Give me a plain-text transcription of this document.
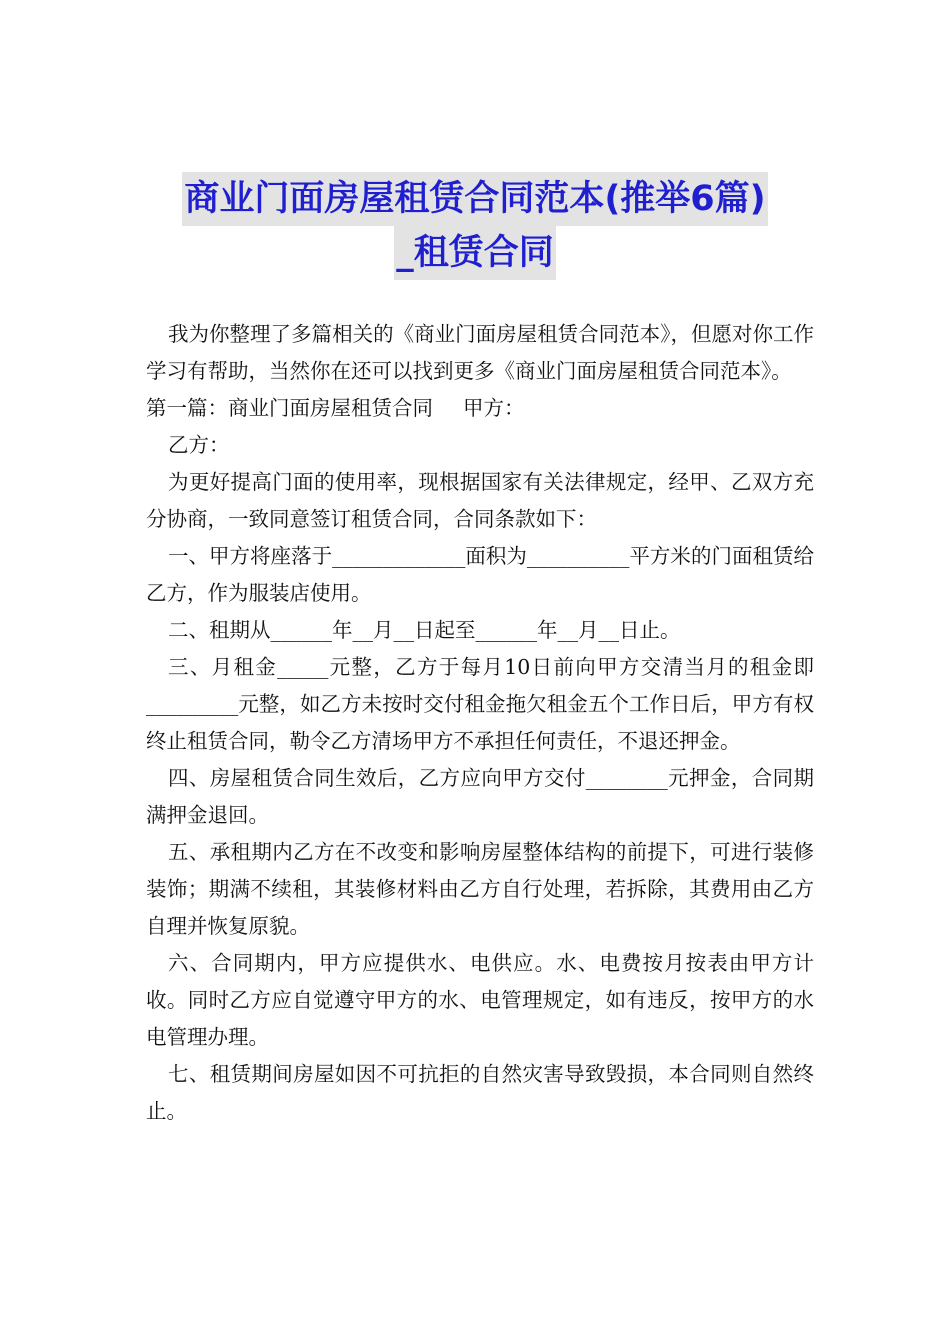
商业门面房屋租赁合同范本(推举6篇)
_租赁合同

我为你整理了多篇相关的《商业门面房屋租赁合同范本》，但愿对你工作学习有帮助，当然你在还可以找到更多《商业门面房屋租赁合同范本》。

第一篇：商业门面房屋租赁合同 甲方：

乙方：

为更好提高门面的使用率，现根据国家有关法律规定，经甲、乙双方充分协商，一致同意签订租赁合同，合同条款如下：

一、甲方将座落于_____________面积为__________平方米的门面租赁给乙方，作为服装店使用。

二、租期从______年__月__日起至______年__月__日止。

三、月租金_____元整，乙方于每月10日前向甲方交清当月的租金即_________元整，如乙方未按时交付租金拖欠租金五个工作日后，甲方有权终止租赁合同，勒令乙方清场甲方不承担任何责任，不退还押金。

四、房屋租赁合同生效后，乙方应向甲方交付________元押金，合同期满押金退回。

五、承租期内乙方在不改变和影响房屋整体结构的前提下，可进行装修装饰；期满不续租，其装修材料由乙方自行处理，若拆除，其费用由乙方自理并恢复原貌。

六、合同期内，甲方应提供水、电供应。水、电费按月按表由甲方计收。同时乙方应自觉遵守甲方的水、电管理规定，如有违反，按甲方的水电管理办理。

七、租赁期间房屋如因不可抗拒的自然灾害导致毁损，本合同则自然终止。
